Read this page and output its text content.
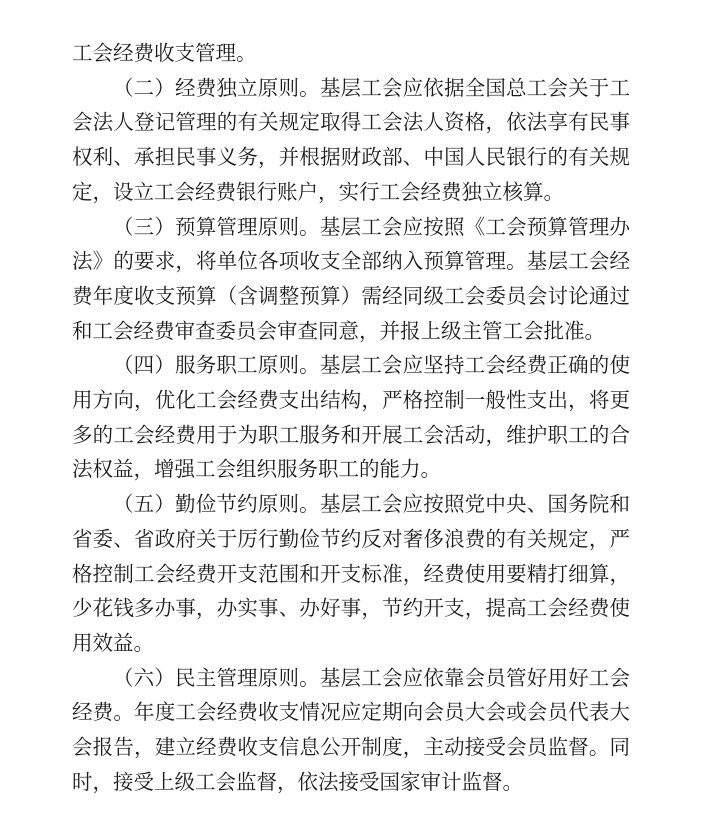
工会经费收支管理。

（二）经费独立原则。基层工会应依据全国总工会关于工会法人登记管理的有关规定取得工会法人资格，依法享有民事权利、承担民事义务，并根据财政部、中国人民银行的有关规定，设立工会经费银行账户，实行工会经费独立核算。

（三）预算管理原则。基层工会应按照《工会预算管理办法》的要求，将单位各项收支全部纳入预算管理。基层工会经费年度收支预算（含调整预算）需经同级工会委员会讨论通过和工会经费审查委员会审查同意，并报上级主管工会批准。

（四）服务职工原则。基层工会应坚持工会经费正确的使用方向，优化工会经费支出结构，严格控制一般性支出，将更多的工会经费用于为职工服务和开展工会活动，维护职工的合法权益，增强工会组织服务职工的能力。

（五）勤俭节约原则。基层工会应按照党中央、国务院和省委、省政府关于厉行勤俭节约反对奢侈浪费的有关规定，严格控制工会经费开支范围和开支标准，经费使用要精打细算，少花钱多办事，办实事、办好事，节约开支，提高工会经费使用效益。

（六）民主管理原则。基层工会应依靠会员管好用好工会经费。年度工会经费收支情况应定期向会员大会或会员代表大会报告，建立经费收支信息公开制度，主动接受会员监督。同时，接受上级工会监督，依法接受国家审计监督。
